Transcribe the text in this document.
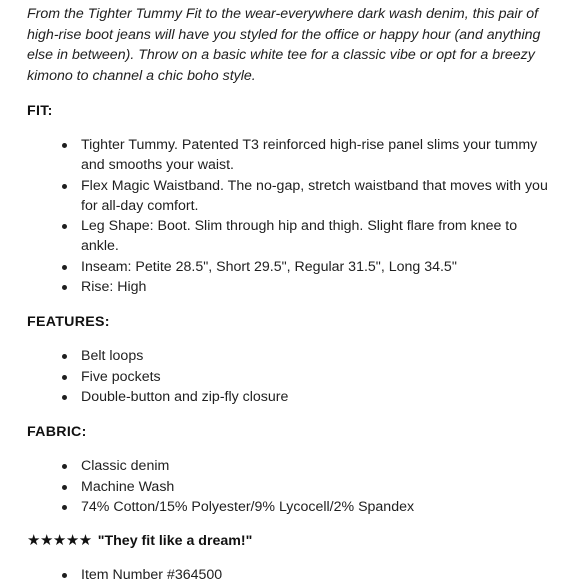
From the Tighter Tummy Fit to the wear-everywhere dark wash denim, this pair of high-rise boot jeans will have you styled for the office or happy hour (and anything else in between). Throw on a basic white tee for a classic vibe or opt for a breezy kimono to channel a chic boho style.

FIT:
Tighter Tummy. Patented T3 reinforced high-rise panel slims your tummy and smooths your waist.
Flex Magic Waistband. The no-gap, stretch waistband that moves with you for all-day comfort.
Leg Shape: Boot. Slim through hip and thigh. Slight flare from knee to ankle.
Inseam: Petite 28.5", Short 29.5", Regular 31.5", Long 34.5"
Rise: High
FEATURES:
Belt loops
Five pockets
Double-button and zip-fly closure
FABRIC:
Classic denim
Machine Wash
74% Cotton/15% Polyester/9% Lycocell/2% Spandex
★★★★★ "They fit like a dream!"
Item Number #364500
